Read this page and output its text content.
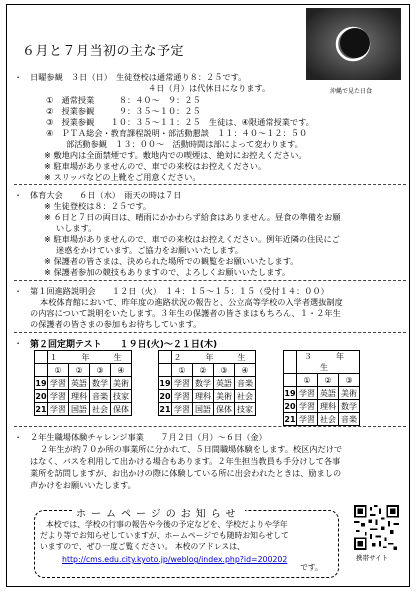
６月と７月当初の主な予定
沖縄で見た日食
・ 日曜参観　３日（日）　生徒登校は通常通り８：２５です。
４日（月）は代休日になります。
①　通常授業　　　８：４０～　９：２５
②　授業参観　　　９：３５～１０：２５
③　授業参観　　１０：３５～１１：２５　生徒は、④限通常授業です。
④　ＰＴＡ総会・教育課程説明・部活動懇談　１１：４０～１２：５０
部活動参観　１３：００～　活動時間は部によって変わります。
※ 敷地内は全面禁煙です。敷地内での喫煙は、絶対にお控えください。
※ 駐車場がありませんので、車での来校はお控えください。
※ スリッパなどの上靴をご用意ください。
・ 体育大会　　６日（水）　雨天の時は７日
※ 生徒登校は８：２５です。
※ ６日と７日の両日は、晴雨にかかわらず給食はありません。昼食の準備をお願
いします。
※ 駐車場がありませんので、車での来校はお控えください。例年近隣の住民にご
迷惑をかけています。ご協力をお願いいたします。
※ 保護者の皆さまは、決められた場所での観覧をお願いいたします。
※ 保護者参加の競技もありますので、よろしくお願いいたします。
・ 第１回進路説明会　　１２日（火）　１４：１５～１５：１５（受付１４：００）
本校体育館において、昨年度の進路状況の報告と、公立高等学校の入学者選抜制度
の内容について説明をいたします。３年生の保護者の皆さまはもちろん、１・２年生
の保護者の皆さまの参加もお待ちしています。
・ 第２回定期テスト　　１９日(火)～２１日(木)
	１　年　生			
	①	②	③	④
19	学習	英語	数学	美術
20	学習	理科	音楽	技家
21	学習	国語	社会	保体
	２　年　生			
	①	②	③	④
19	学習	数学	英語	音楽
20	学習	理科	美術	社会
21	学習	国語	保体	技家
	３　年　生		
	①	②	③
19	学習	英語	美術
20	学習	理科	数学
21	学習	社会	音楽
・ ２年生職場体験チャレンジ事業　　７月２日（月）～６日（金）
２年生が約７０か所の事業所に分かれて、５日間職場体験をします。校区内だけで
はなく、バスを利用して出かける場合もあります。２年生担当教員も手分けして各事
業所を訪問しますが、お出かけの際に体験している所に出会われたときは、励ましの
声かけをお願いいたします。
ホームページのお知らせ
本校では、学校の行事の報告や今後の予定などを、学校だよりや学年
だより等でお知らせしていますが、ホームページでも随時お知らせして
いますので、ぜひ一度ご覧ください。 本校のアドレスは、
http://cms.edu.city.kyoto.jp/weblog/index.php?id=200202
です。
携帯サイト
